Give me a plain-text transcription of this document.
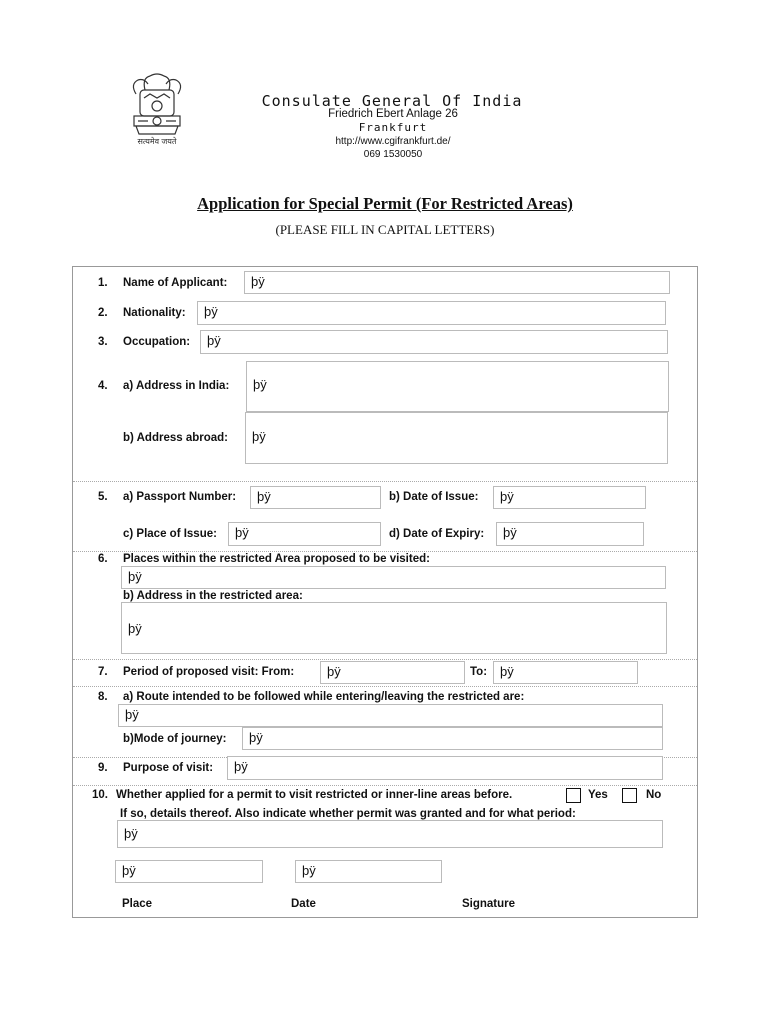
सत्यमेव जयते
Consulate General Of India
Friedrich Ebert Anlage 26
Frankfurt
http://www.cgifrankfurt.de/
069 1530050
Application for Special Permit (For Restricted Areas)
(PLEASE FILL IN CAPITAL LETTERS)
1. Name of Applicant:	þÿ
2. Nationality:	þÿ
3. Occupation:	þÿ
4. a) Address in India:	þÿ
b) Address abroad:	þÿ
5. a) Passport Number:	þÿ	b) Date of Issue:	þÿ
c) Place of Issue:	þÿ	d) Date of Expiry:	þÿ
6. Places within the restricted Area proposed to be visited:
þÿ
b) Address in the restricted area:
þÿ
7. Period of proposed visit: From:	þÿ	To: þÿ
8. a) Route intended to be followed while entering/leaving the restricted are:
þÿ
b)Mode of journey:	þÿ
9. Purpose of visit:	þÿ
10. Whether applied for a permit to visit restricted or inner-line areas before.	Yes	No
If so, details thereof. Also indicate whether permit was granted and for what period:
þÿ
þÿ	þÿ
Place	Date	Signature
